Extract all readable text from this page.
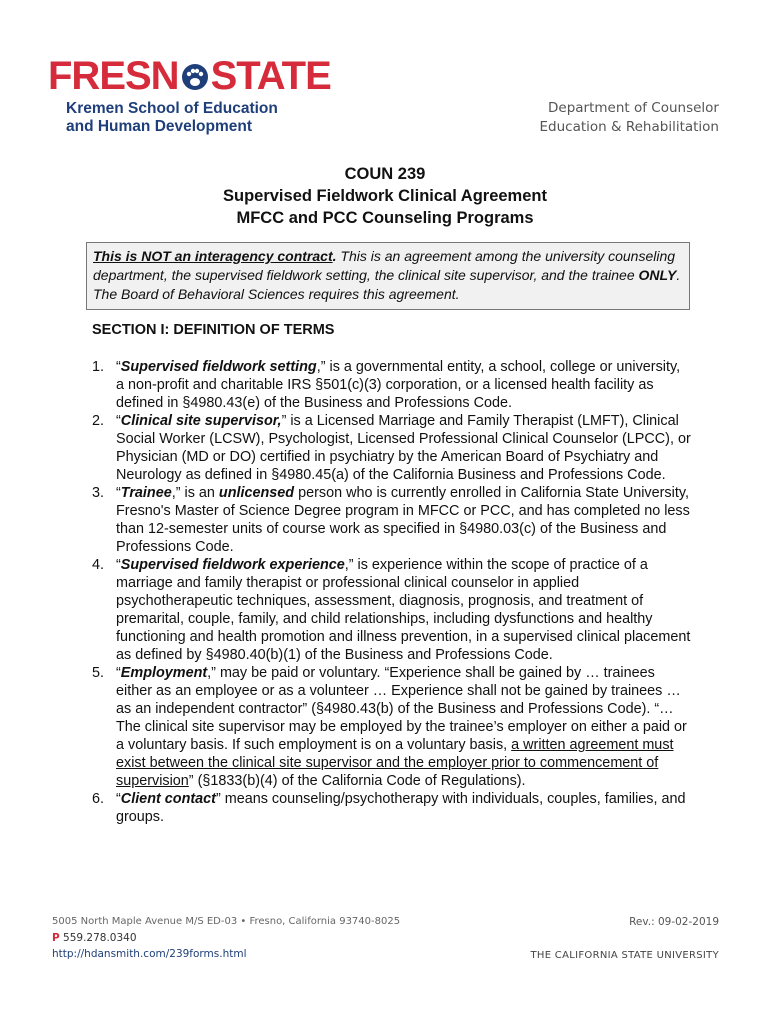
FRESN STATE
Kremen School of Education
and Human Development
Department of Counselor
Education & Rehabilitation
COUN 239
Supervised Fieldwork Clinical Agreement
MFCC and PCC Counseling Programs
This is NOT an interagency contract. This is an agreement among the university counseling department, the supervised fieldwork setting, the clinical site supervisor, and the trainee ONLY. The Board of Behavioral Sciences requires this agreement.
SECTION I: DEFINITION OF TERMS
1. “Supervised fieldwork setting,” is a governmental entity, a school, college or university, a non-profit and charitable IRS §501(c)(3) corporation, or a licensed health facility as defined in §4980.43(e) of the Business and Professions Code.
2. “Clinical site supervisor,” is a Licensed Marriage and Family Therapist (LMFT), Clinical Social Worker (LCSW), Psychologist, Licensed Professional Clinical Counselor (LPCC), or Physician (MD or DO) certified in psychiatry by the American Board of Psychiatry and Neurology as defined in §4980.45(a) of the California Business and Professions Code.
3. “Trainee,” is an unlicensed person who is currently enrolled in California State University, Fresno's Master of Science Degree program in MFCC or PCC, and has completed no less than 12-semester units of course work as specified in §4980.03(c) of the Business and Professions Code.
4. “Supervised fieldwork experience,” is experience within the scope of practice of a marriage and family therapist or professional clinical counselor in applied psychotherapeutic techniques, assessment, diagnosis, prognosis, and treatment of premarital, couple, family, and child relationships, including dysfunctions and healthy functioning and health promotion and illness prevention, in a supervised clinical placement as defined by §4980.40(b)(1) of the Business and Professions Code.
5. “Employment,” may be paid or voluntary. “Experience shall be gained by … trainees either as an employee or as a volunteer … Experience shall not be gained by trainees … as an independent contractor” (§4980.43(b) of the Business and Professions Code). “… The clinical site supervisor may be employed by the trainee’s employer on either a paid or a voluntary basis. If such employment is on a voluntary basis, a written agreement must exist between the clinical site supervisor and the employer prior to commencement of supervision” (§1833(b)(4) of the California Code of Regulations).
6. “Client contact” means counseling/psychotherapy with individuals, couples, families, and groups.
5005 North Maple Avenue M/S ED-03 • Fresno, California 93740-8025
P 559.278.0340
http://hdansmith.com/239forms.html
Rev.: 09-02-2019
THE CALIFORNIA STATE UNIVERSITY
